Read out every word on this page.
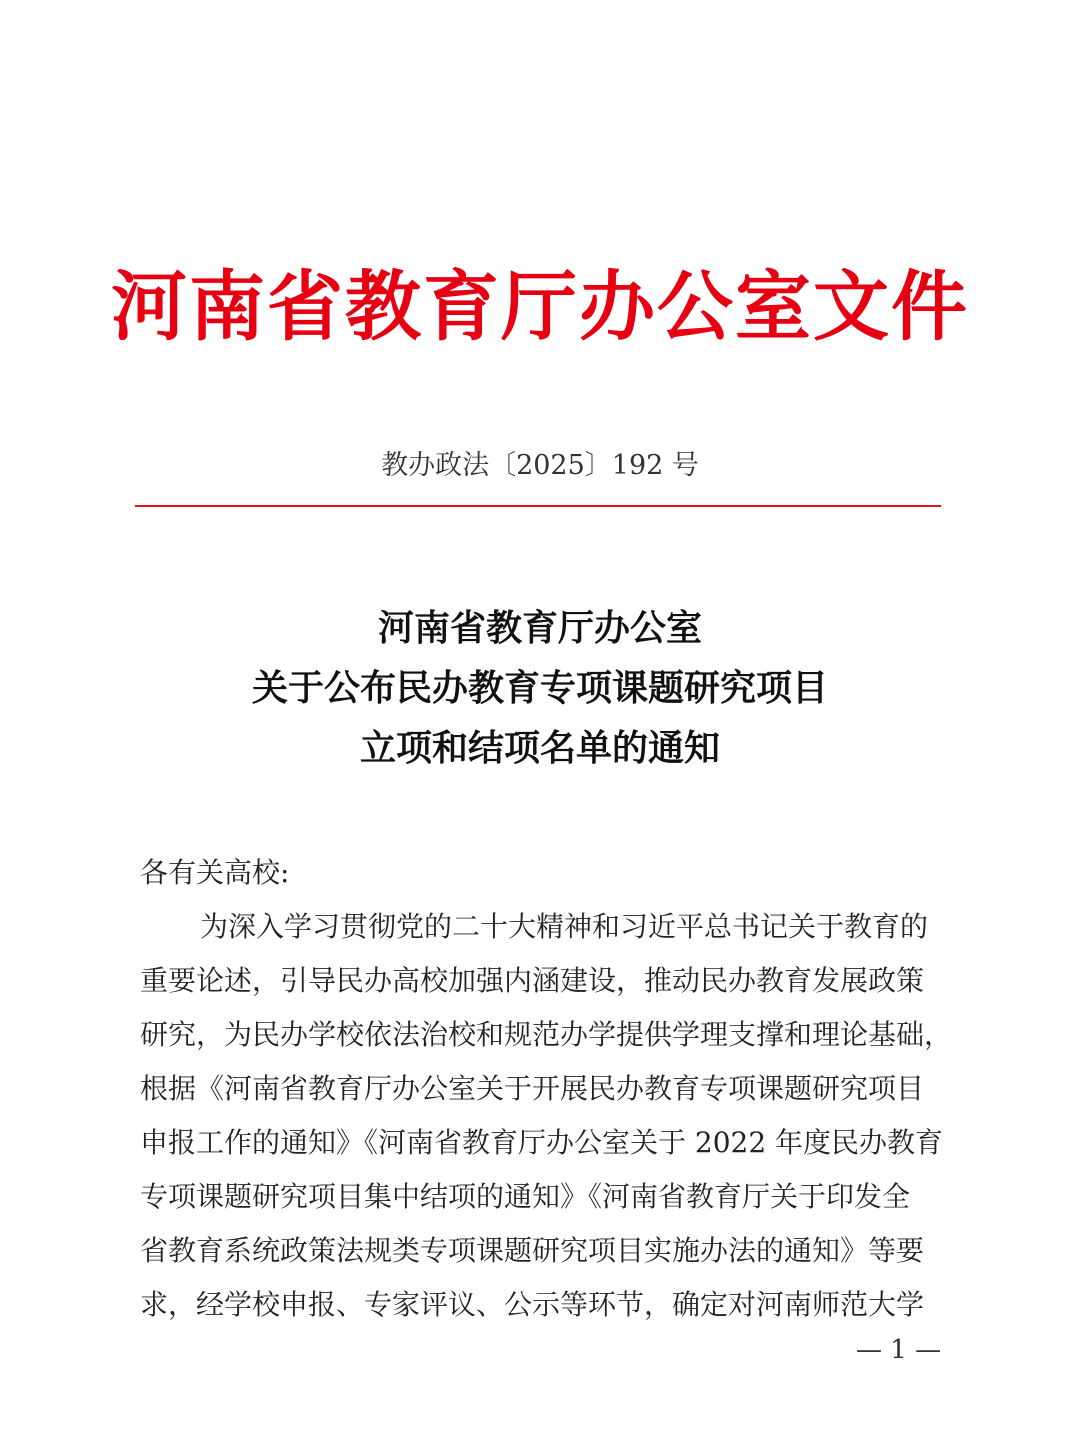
河南省教育厅办公室文件
教办政法〔2025〕192 号
河南省教育厅办公室
关于公布民办教育专项课题研究项目
立项和结项名单的通知
各有关高校:
为深入学习贯彻党的二十大精神和习近平总书记关于教育的
重要论述，引导民办高校加强内涵建设，推动民办教育发展政策
研究，为民办学校依法治校和规范办学提供学理支撑和理论基础，
根据《河南省教育厅办公室关于开展民办教育专项课题研究项目
申报工作的通知》《河南省教育厅办公室关于 2022 年度民办教育
专项课题研究项目集中结项的通知》《河南省教育厅关于印发全
省教育系统政策法规类专项课题研究项目实施办法的通知》等要
求，经学校申报、专家评议、公示等环节，确定对河南师范大学
— 1 —
